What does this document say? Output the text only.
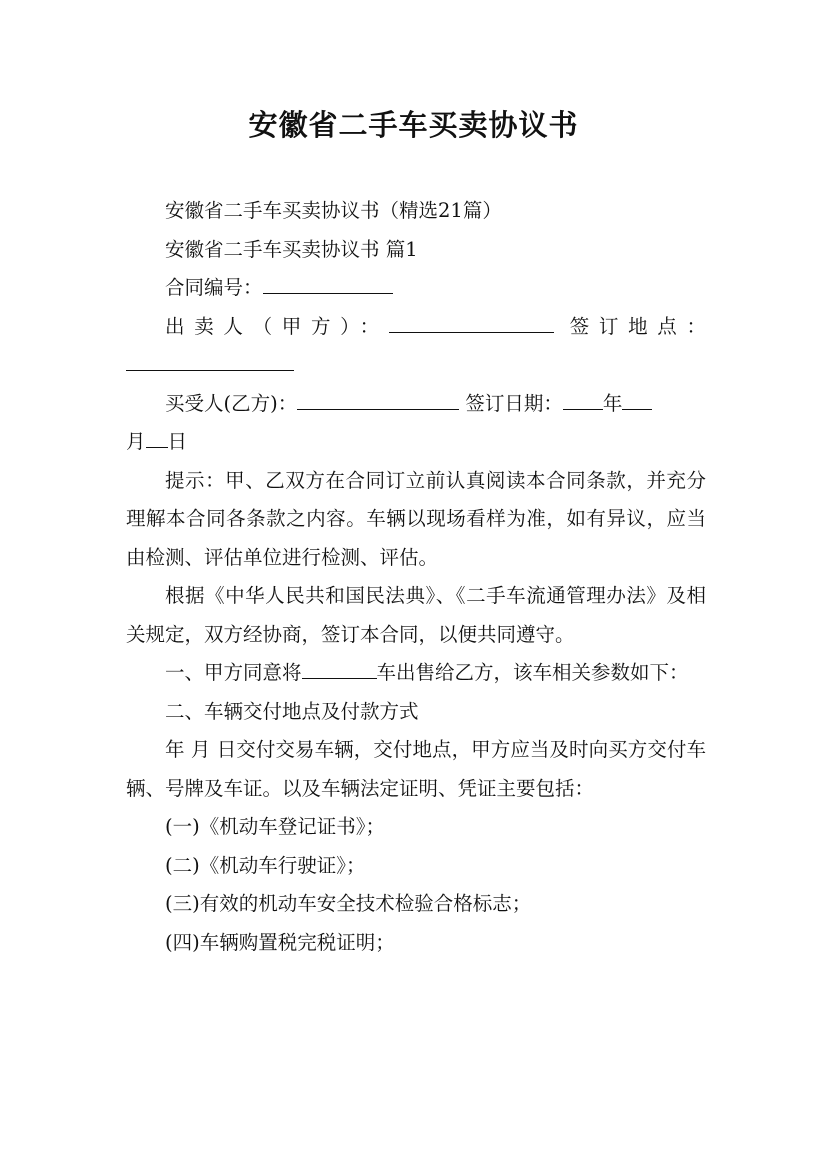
安徽省二手车买卖协议书

安徽省二手车买卖协议书（精选21篇）

安徽省二手车买卖协议书 篇1

合同编号：

出卖人（甲方）：	签订地点：

买受人(乙方)：	签订日期： 年

月 日

提示：甲、乙双方在合同订立前认真阅读本合同条款，并充分理解本合同各条款之内容。车辆以现场看样为准，如有异议，应当由检测、评估单位进行检测、评估。

根据《中华人民共和国民法典》、《二手车流通管理办法》及相关规定，双方经协商，签订本合同，以便共同遵守。

一、甲方同意将	车出售给乙方，该车相关参数如下：

二、车辆交付地点及付款方式

年 月 日交付交易车辆，交付地点，甲方应当及时向买方交付车辆、号牌及车证。以及车辆法定证明、凭证主要包括：

(一)《机动车登记证书》；

(二)《机动车行驶证》；

(三)有效的机动车安全技术检验合格标志；

(四)车辆购置税完税证明；
